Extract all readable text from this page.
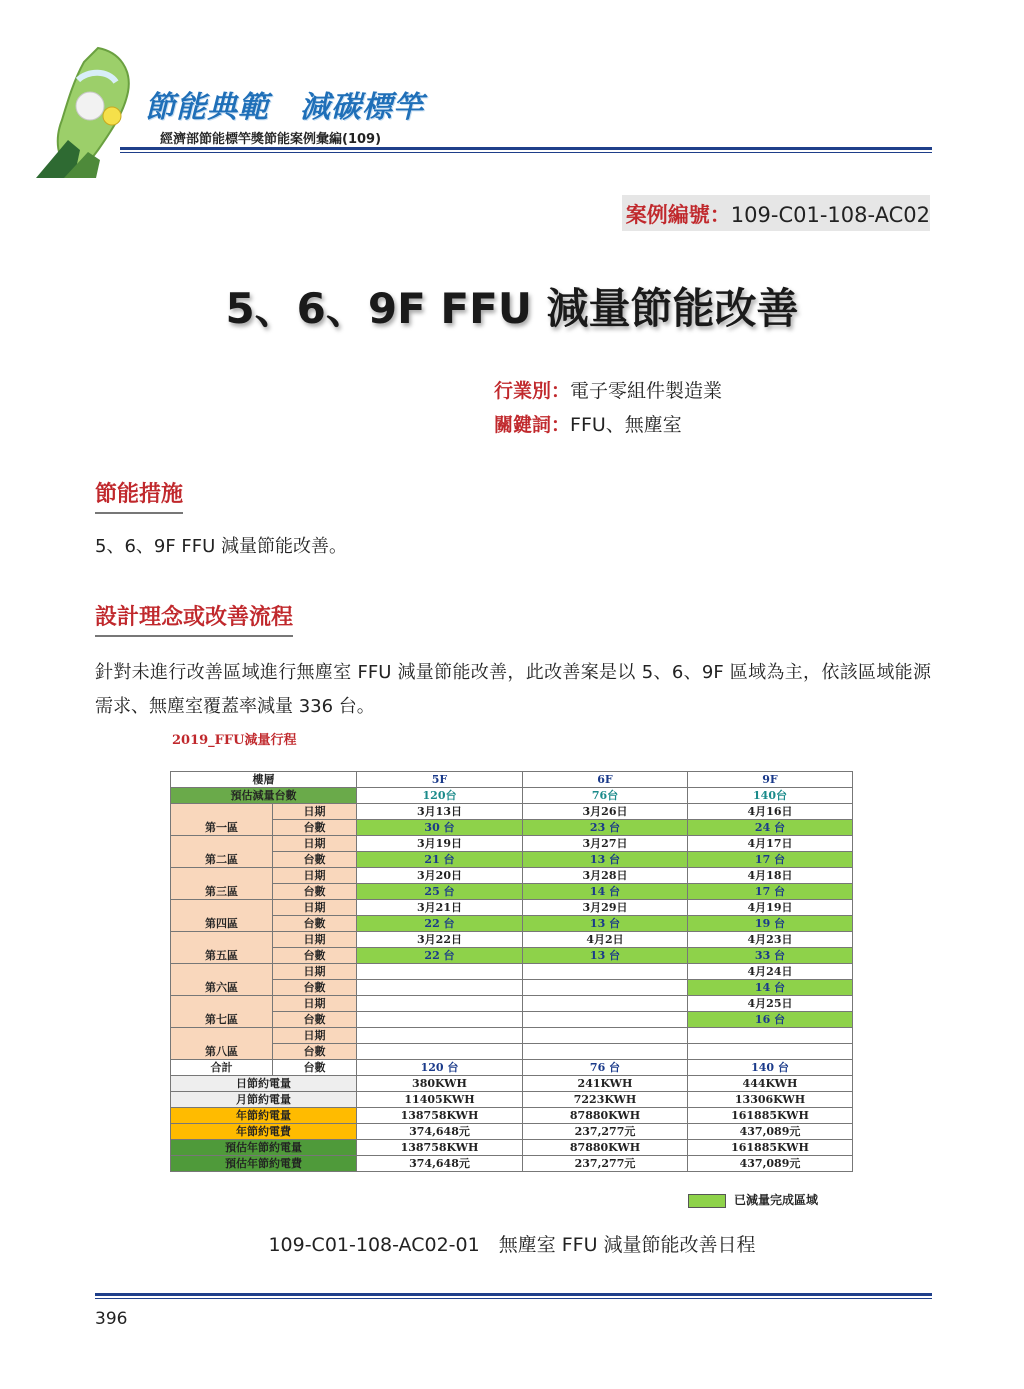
節能典範　減碳標竿
經濟部節能標竿獎節能案例彙編(109)
案例編號：109-C01-108-AC02
5、6、9F FFU 減量節能改善
行業別：電子零組件製造業
關鍵詞：FFU、無塵室
節能措施

5、6、9F FFU 減量節能改善。

設計理念或改善流程

針對未進行改善區域進行無塵室 FFU 減量節能改善，此改善案是以 5、6、9F 區域為主，依該區域能源需求、無塵室覆蓋率減量 336 台。

2019_FFU減量行程
樓層		5F	6F	9F
預估減量台數		120台	76台	140台
第一區	日期	3月13日	3月26日	4月16日
	台數	30 台	23 台	24 台
第二區	日期	3月19日	3月27日	4月17日
	台數	21 台	13 台	17 台
第三區	日期	3月20日	3月28日	4月18日
	台數	25 台	14 台	17 台
第四區	日期	3月21日	3月29日	4月19日
	台數	22 台	13 台	19 台
第五區	日期	3月22日	4月2日	4月23日
	台數	22 台	13 台	33 台
第六區	日期			4月24日
	台數			14 台
第七區	日期			4月25日
	台數			16 台
第八區	日期			
	台數			
合計	台數	120 台	76 台	140 台
日節約電量		380KWH	241KWH	444KWH
月節約電量		11405KWH	7223KWH	13306KWH
年節約電量		138758KWH	87880KWH	161885KWH
年節約電費		374,648元	237,277元	437,089元
預估年節約電量		138758KWH	87880KWH	161885KWH
預估年節約電費		374,648元	237,277元	437,089元
已減量完成區域
109-C01-108-AC02-01　無塵室 FFU 減量節能改善日程
396
